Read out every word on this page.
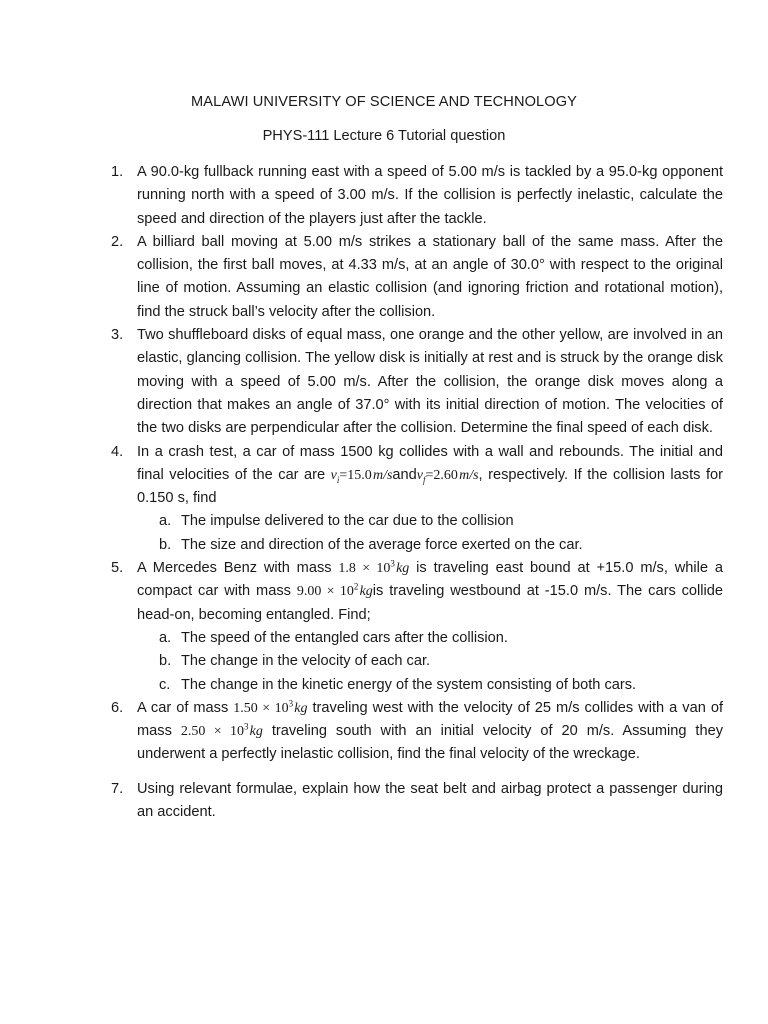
MALAWI UNIVERSITY OF SCIENCE AND TECHNOLOGY
PHYS-111 Lecture 6 Tutorial question
1. A 90.0-kg fullback running east with a speed of 5.00 m/s is tackled by a 95.0-kg opponent running north with a speed of 3.00 m/s. If the collision is perfectly inelastic, calculate the speed and direction of the players just after the tackle.
2. A billiard ball moving at 5.00 m/s strikes a stationary ball of the same mass. After the collision, the first ball moves, at 4.33 m/s, at an angle of 30.0° with respect to the original line of motion. Assuming an elastic collision (and ignoring friction and rotational motion), find the struck ball’s velocity after the collision.
3. Two shuffleboard disks of equal mass, one orange and the other yellow, are involved in an elastic, glancing collision. The yellow disk is initially at rest and is struck by the orange disk moving with a speed of 5.00 m/s. After the collision, the orange disk moves along a direction that makes an angle of 37.0° with its initial direction of motion. The velocities of the two disks are perpendicular after the collision. Determine the final speed of each disk.
4. In a crash test, a car of mass 1500 kg collides with a wall and rebounds. The initial and final velocities of the car are $v_i=15.0$ m/sandv$_f$=2.60 m/s, respectively. If the collision lasts for 0.150 s, find
a. The impulse delivered to the car due to the collision
b. The size and direction of the average force exerted on the car.
5. A Mercedes Benz with mass $1.8 \times 10^3$ kg is traveling east bound at +15.0 m/s, while a compact car with mass $9.00 \times 10^2$ kgis traveling westbound at -15.0 m/s. The cars collide head-on, becoming entangled. Find;
a. The speed of the entangled cars after the collision.
b. The change in the velocity of each car.
c. The change in the kinetic energy of the system consisting of both cars.
6. A car of mass $1.50 \times 10^3$ kg traveling west with the velocity of 25 m/s collides with a van of mass $2.50 \times 10^3$ kg traveling south with an initial velocity of 20 m/s. Assuming they underwent a perfectly inelastic collision, find the final velocity of the wreckage.
7. Using relevant formulae, explain how the seat belt and airbag protect a passenger during an accident.
